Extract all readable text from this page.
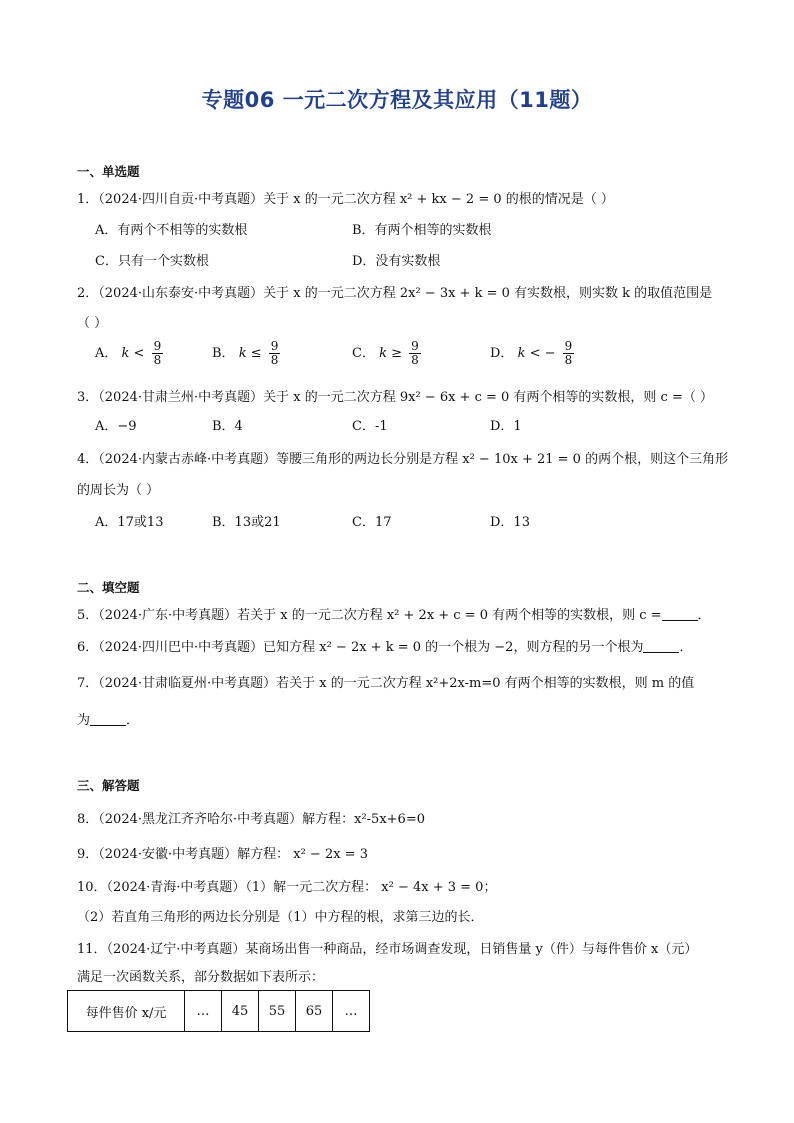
专题06 一元二次方程及其应用（11题）
一、单选题
1．（2024·四川自贡·中考真题）关于 x 的一元二次方程 x² + kx − 2 = 0 的根的情况是（ ）
A．有两个不相等的实数根	B．有两个相等的实数根
C．只有一个实数根	D．没有实数根
2．（2024·山东泰安·中考真题）关于 x 的一元二次方程 2x² − 3x + k = 0 有实数根，则实数 k 的取值范围是
（ ）
A． $k < \frac{9}{8}$	B． $k \le \frac{9}{8}$	C． $k \ge \frac{9}{8}$	D． k < − $\frac{9}{8}$
3．（2024·甘肃兰州·中考真题）关于 x 的一元二次方程 9x² − 6x + c = 0 有两个相等的实数根，则 c =（ ）
A．−9	B．4	C．-1	D．1
4．（2024·内蒙古赤峰·中考真题）等腰三角形的两边长分别是方程 x² − 10x + 21 = 0 的两个根，则这个三角形
的周长为（ ）
A．17或13	B．13或21	C．17	D．13
二、填空题
5．（2024·广东·中考真题）若关于 x 的一元二次方程 x² + 2x + c = 0 有两个相等的实数根，则 c =	．
6．（2024·四川巴中·中考真题）已知方程 x² − 2x + k = 0 的一个根为 −2，则方程的另一个根为	．
7．（2024·甘肃临夏州·中考真题）若关于 x 的一元二次方程 x²+2x-m=0 有两个相等的实数根，则 m 的值
为	．
三、解答题
8．（2024·黑龙江齐齐哈尔·中考真题）解方程：x²-5x+6=0
9．（2024·安徽·中考真题）解方程： x² − 2x = 3
10．（2024·青海·中考真题）（1）解一元二次方程： x² − 4x + 3 = 0；
（2）若直角三角形的两边长分别是（1）中方程的根，求第三边的长．
11．（2024·辽宁·中考真题）某商场出售一种商品，经市场调查发现，日销售量 y（件）与每件售价 x（元）
满足一次函数关系，部分数据如下表所示：
每件售价 x/元	…	45	55	65	…
